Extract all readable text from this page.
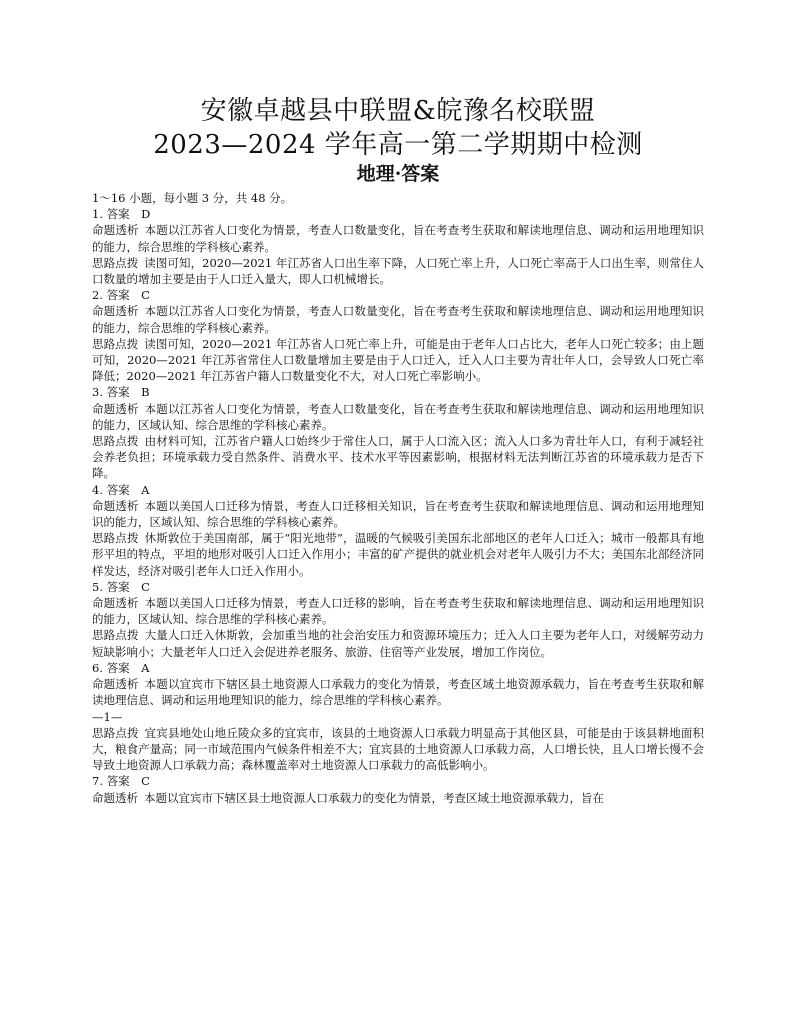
安徽卓越县中联盟&皖豫名校联盟
2023—2024 学年高一第二学期期中检测
地理·答案

1～16 小题，每小题 3 分，共 48 分。

1. 答案　D

命题透析 本题以江苏省人口变化为情景，考查人口数量变化，旨在考查考生获取和解读地理信息、调动和运用地理知识的能力，综合思维的学科核心素养。

思路点拨 读图可知，2020—2021 年江苏省人口出生率下降，人口死亡率上升，人口死亡率高于人口出生率，则常住人口数量的增加主要是由于人口迁入量大，即人口机械增长。

2. 答案　C

命题透析 本题以江苏省人口变化为情景，考查人口数量变化，旨在考查考生获取和解读地理信息、调动和运用地理知识的能力，综合思维的学科核心素养。

思路点拨 读图可知，2020—2021 年江苏省人口死亡率上升，可能是由于老年人口占比大，老年人口死亡较多；由上题可知，2020—2021 年江苏省常住人口数量增加主要是由于人口迁入，迁入人口主要为青壮年人口，会导致人口死亡率降低；2020—2021 年江苏省户籍人口数量变化不大，对人口死亡率影响小。

3. 答案　B

命题透析 本题以江苏省人口变化为情景，考查人口数量变化，旨在考查考生获取和解读地理信息、调动和运用地理知识的能力，区域认知、综合思维的学科核心素养。

思路点拨 由材料可知，江苏省户籍人口始终少于常住人口，属于人口流入区；流入人口多为青壮年人口，有利于减轻社会养老负担；环境承载力受自然条件、消费水平、技术水平等因素影响，根据材料无法判断江苏省的环境承载力是否下降。

4. 答案　A

命题透析 本题以美国人口迁移为情景，考查人口迁移相关知识，旨在考查考生获取和解读地理信息、调动和运用地理知识的能力，区域认知、综合思维的学科核心素养。

思路点拨 休斯敦位于美国南部，属于“阳光地带”，温暖的气候吸引美国东北部地区的老年人口迁入；城市一般都具有地形平坦的特点，平坦的地形对吸引人口迁入作用小；丰富的矿产提供的就业机会对老年人吸引力不大；美国东北部经济同样发达，经济对吸引老年人口迁入作用小。

5. 答案　C

命题透析 本题以美国人口迁移为情景，考查人口迁移的影响，旨在考查考生获取和解读地理信息、调动和运用地理知识的能力，区域认知、综合思维的学科核心素养。

思路点拨 大量人口迁入休斯敦，会加重当地的社会治安压力和资源环境压力；迁入人口主要为老年人口，对缓解劳动力短缺影响小；大量老年人口迁入会促进养老服务、旅游、住宿等产业发展，增加工作岗位。

6. 答案　A

命题透析 本题以宜宾市下辖区县土地资源人口承载力的变化为情景，考查区域土地资源承载力，旨在考查考生获取和解读地理信息、调动和运用地理知识的能力，综合思维的学科核心素养。

—1—

思路点拨 宜宾县地处山地丘陵众多的宜宾市，该县的土地资源人口承载力明显高于其他区县，可能是由于该县耕地面积大，粮食产量高；同一市域范围内气候条件相差不大；宜宾县的土地资源人口承载力高，人口增长快，且人口增长慢不会导致土地资源人口承载力高；森林覆盖率对土地资源人口承载力的高低影响小。

7. 答案　C

命题透析 本题以宜宾市下辖区县土地资源人口承载力的变化为情景，考查区域土地资源承载力，旨在
